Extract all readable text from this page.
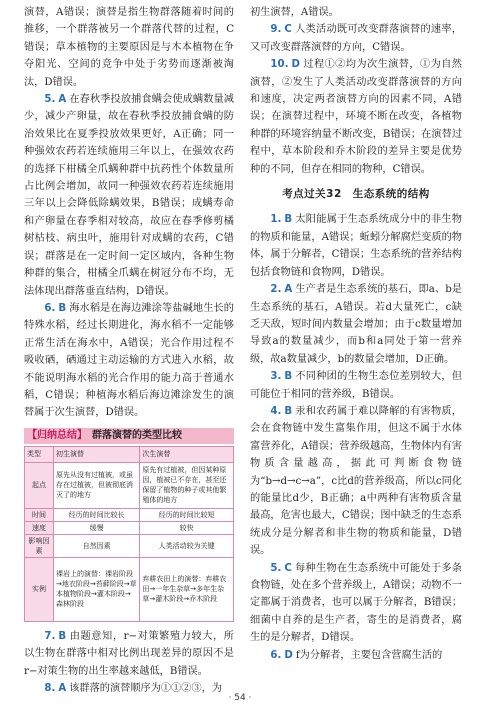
演替，A错误；演替是指生物群落随着时间的推移，一个群落被另一个群落代替的过程，C错误；草本植物的主要原因是与木本植物在争夺阳光、空间的竞争中处于劣势而逐渐被淘汰，D错误。

5. A 在春秋季投放捕食螨会使成螨数量减少，减少产卵量，故在春秋季投放捕食螨的防治效果比在夏季投放效果更好，A正确；同一种强效农药若连续施用三年以上，在强效农药的选择下柑橘全爪螨种群中抗药性个体数量所占比例会增加，故同一种强效农药若连续施用三年以上会降低除螨效果，B错误；成螨寿命和产卵量在春季相对较高，故应在春季修剪橘树枯枝、病虫叶，施用针对成螨的农药，C错误；群落是在一定时间一定区域内，各种生物种群的集合，柑橘全爪螨在树冠分布不均，无法体现出群落垂直结构，D错误。

6. B 海水稻是在海边滩涂等盐碱地生长的特殊水稻，经过长期进化，海水稻不一定能够正常生活在海水中，A错误；光合作用过程不吸收硒，硒通过主动运输的方式进入水稻，故不能说明海水稻的光合作用的能力高于普通水稻，C错误；种植海水稻后海边滩涂发生的演替属于次生演替，D错误。

【归纳总结】 群落演替的类型比较
类型	初生演替	次生演替
起点	原先从没有过植被，或虽存在过植被，但被彻底消灭了的地方	原先有过植被，但因某种原因，植被已不存在，甚至还保留了植物的种子或其他繁殖体的地方
时间	经历的时间比较长	经历的时间比较短
速度	缓慢	较快
影响因素	自然因素	人类活动较为关键
实例	裸岩上的演替：裸岩阶段→地衣阶段→苔藓阶段→草本植物阶段→灌木阶段→森林阶段	弃耕农田上的演替：弃耕农田→一年生杂草→多年生杂草→灌木阶段→乔木阶段

7. B 由题意知，r−对策繁殖力较大，所以生物在群落中相对比例出现差异的原因不是r−对策生物的出生率越来越低，B错误。

8. A 该群落的演替顺序为①①②③，为

初生演替，A错误。

9. C 人类活动既可改变群落演替的速率，又可改变群落演替的方向，C错误。

10. D 过程①②均为次生演替，①为自然演替，②发生了人类活动改变群落演替的方向和速度，决定两者演替方向的因素不同，A错误；在演替过程中，环境不断在改变，各植物种群的环境容纳量不断改变，B错误；在演替过程中，草本阶段和乔木阶段的差异主要是优势种的不同，但存在相同的物种，C错误。

考点过关32　生态系统的结构

1. B 太阳能属于生态系统成分中的非生物的物质和能量，A错误；蚯蚓分解腐烂变质的物体，属于分解者，C错误；生态系统的营养结构包括食物链和食物网，D错误。

2. A 生产者是生态系统的基石，即a、b是生态系统的基石，A错误。若d大量死亡，c缺乏天敌，短时间内数量会增加；由于c数量增加导致a的数量减少，而b和a同处于第一营养级，故a数量减少，b的数量会增加，D正确。

3. B 不同种团的生物生态位差别较大，但可能位于相同的营养级，B错误。

4. B 汞和农药属于难以降解的有害物质，会在食物链中发生富集作用，但这不属于水体富营养化，A错误；营养级越高，生物体内有害物质含量越高，据此可判断食物链为“b→d→c→a”，c比d的营养级高，所以c同化的能量比d少，B正确；a中两种有害物质含量最高，危害也最大，C错误；图中缺乏的生态系统成分是分解者和非生物的物质和能量，D错误。

5. C 每种生物在生态系统中可能处于多条食物链，处在多个营养级上，A错误；动物不一定都属于消费者，也可以属于分解者，B错误；细菌中自养的是生产者，寄生的是消费者，腐生的是分解者，D错误。

6. D f为分解者，主要包含营腐生活的

· 54 ·
